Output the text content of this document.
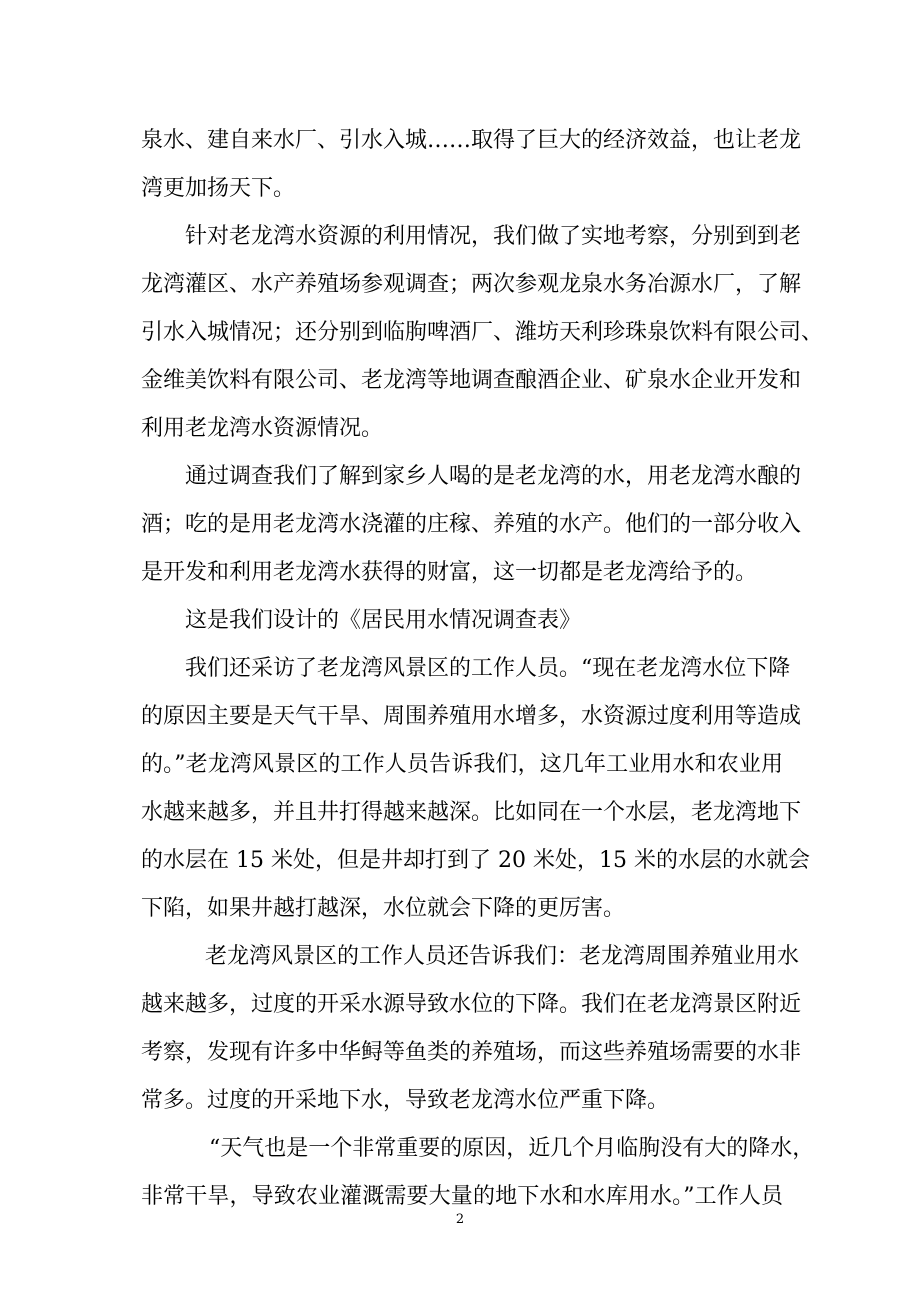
泉水、建自来水厂、引水入城……取得了巨大的经济效益，也让老龙
湾更加扬天下。
针对老龙湾水资源的利用情况，我们做了实地考察，分别到到老
龙湾灌区、水产养殖场参观调查；两次参观龙泉水务冶源水厂，了解
引水入城情况；还分别到临朐啤酒厂、潍坊天利珍珠泉饮料有限公司、
金维美饮料有限公司、老龙湾等地调查酿酒企业、矿泉水企业开发和
利用老龙湾水资源情况。
通过调查我们了解到家乡人喝的是老龙湾的水，用老龙湾水酿的
酒；吃的是用老龙湾水浇灌的庄稼、养殖的水产。他们的一部分收入
是开发和利用老龙湾水获得的财富，这一切都是老龙湾给予的。
这是我们设计的《居民用水情况调查表》
我们还采访了老龙湾风景区的工作人员。“现在老龙湾水位下降
的原因主要是天气干旱、周围养殖用水增多，水资源过度利用等造成
的。”老龙湾风景区的工作人员告诉我们，这几年工业用水和农业用
水越来越多，并且井打得越来越深。比如同在一个水层，老龙湾地下
的水层在 15 米处，但是井却打到了 20 米处，15 米的水层的水就会
下陷，如果井越打越深，水位就会下降的更厉害。
老龙湾风景区的工作人员还告诉我们：老龙湾周围养殖业用水
越来越多，过度的开采水源导致水位的下降。我们在老龙湾景区附近
考察，发现有许多中华鲟等鱼类的养殖场，而这些养殖场需要的水非
常多。过度的开采地下水，导致老龙湾水位严重下降。
“天气也是一个非常重要的原因，近几个月临朐没有大的降水，
非常干旱，导致农业灌溉需要大量的地下水和水库用水。”工作人员
2
